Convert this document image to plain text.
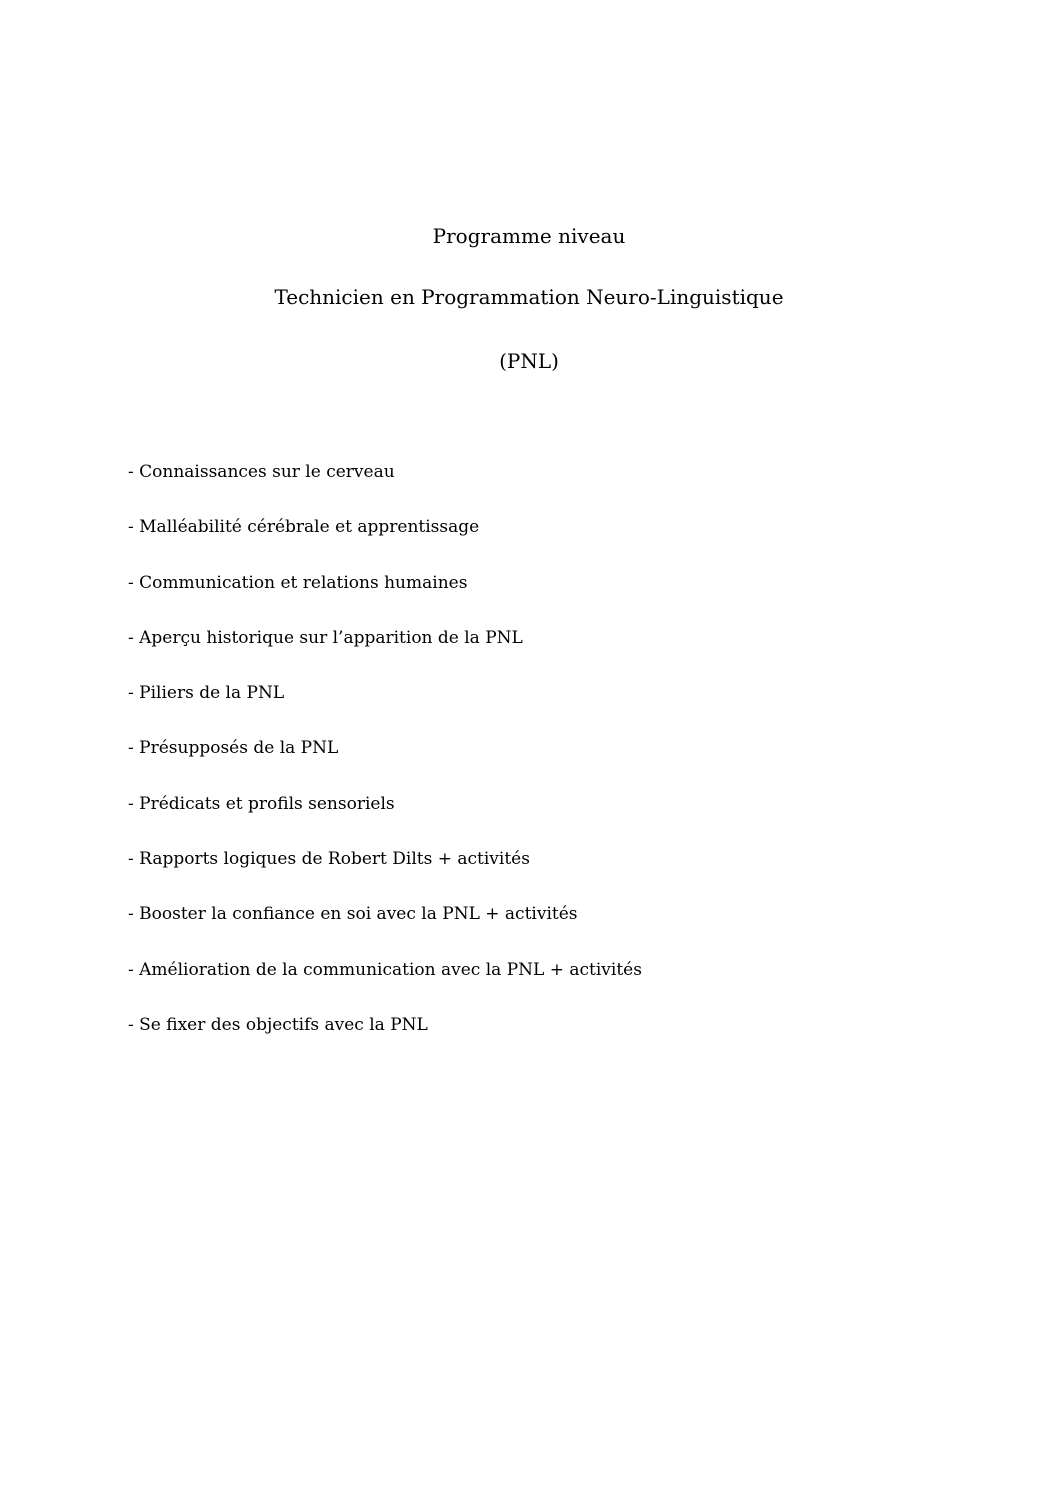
Programme niveau
Technicien en Programmation Neuro-Linguistique
(PNL)
- Connaissances sur le cerveau
- Malléabilité cérébrale et apprentissage
- Communication et relations humaines
- Aperçu historique sur l’apparition de la PNL
- Piliers de la PNL
- Présupposés de la PNL
- Prédicats et profils sensoriels
- Rapports logiques de Robert Dilts + activités
- Booster la confiance en soi avec la PNL + activités
- Amélioration de la communication avec la PNL + activités
- Se fixer des objectifs avec la PNL
